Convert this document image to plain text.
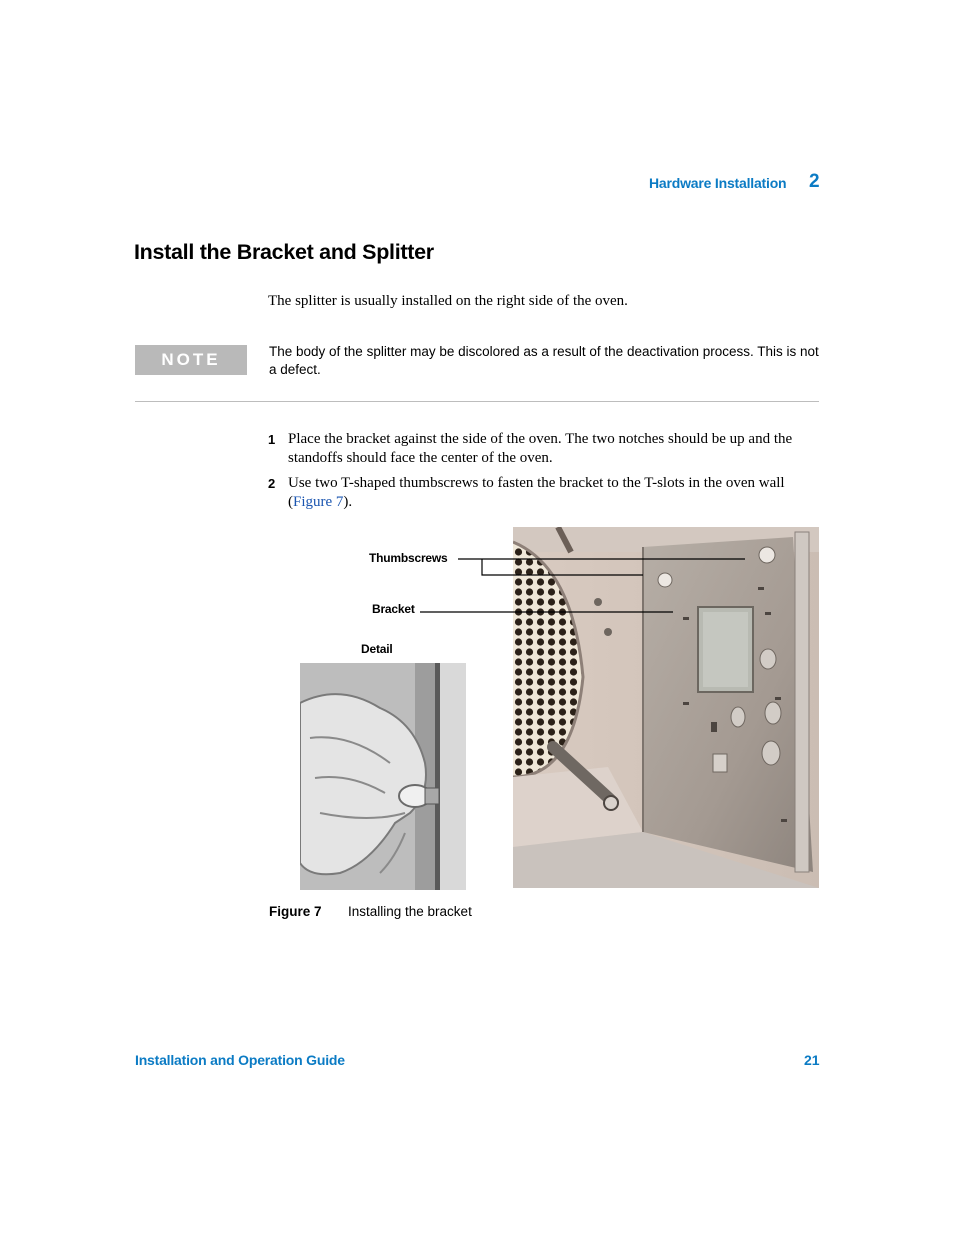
Hardware Installation 2
Install the Bracket and Splitter

The splitter is usually installed on the right side of the oven.

NOTE	The body of the splitter may be discolored as a result of the deactivation process. This is not a defect.
1 Place the bracket against the side of the oven. The two notches should be up and the standoffs should face the center of the oven.
2 Use two T-shaped thumbscrews to fasten the bracket to the T-slots in the oven wall (Figure 7).
Thumbscrews
Bracket
Detail
Figure 7 Installing the bracket
Installation and Operation Guide	21
